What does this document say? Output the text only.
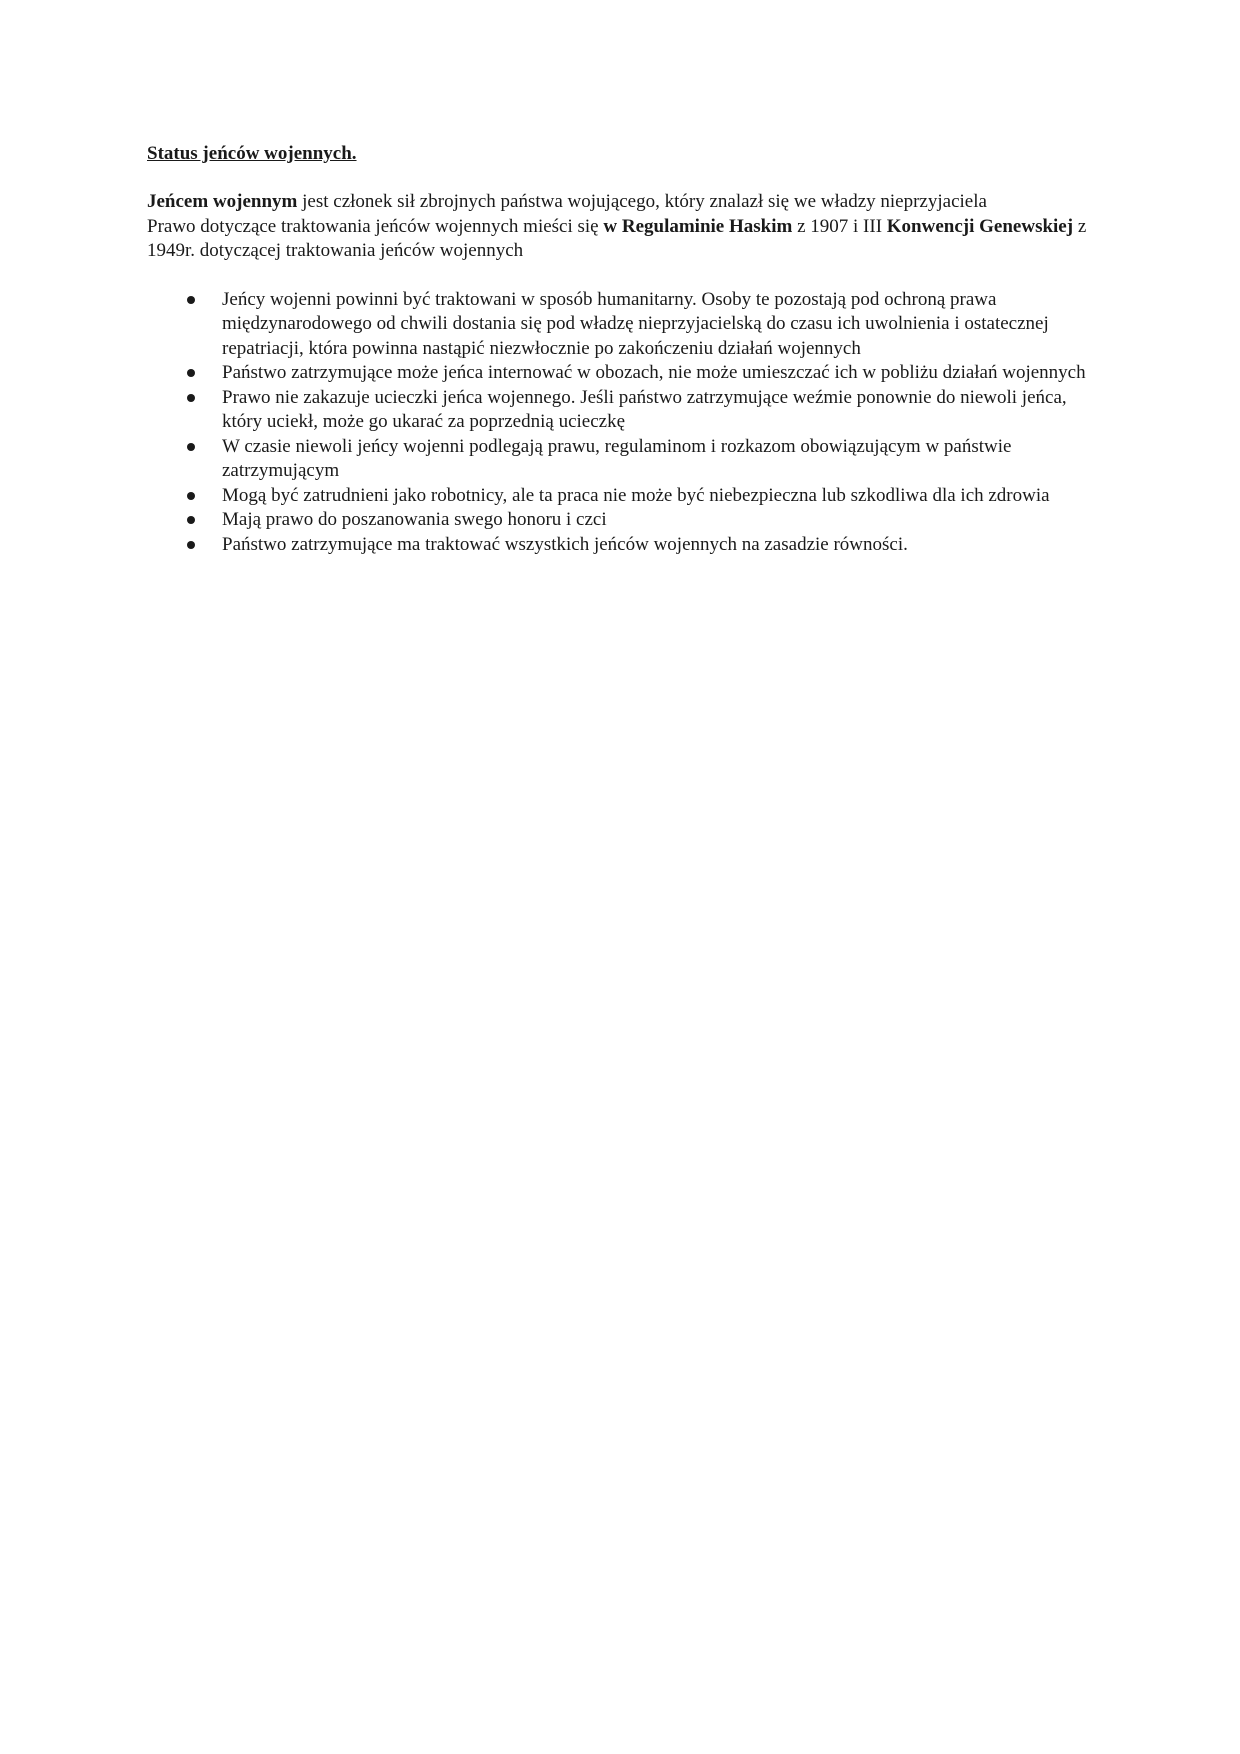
Status jeńców wojennych.

Jeńcem wojennym jest członek sił zbrojnych państwa wojującego, który znalazł się we władzy nieprzyjaciela

Prawo dotyczące traktowania jeńców wojennych mieści się w Regulaminie Haskim z 1907 i III Konwencji Genewskiej z 1949r. dotyczącej traktowania jeńców wojennych

Jeńcy wojenni powinni być traktowani w sposób humanitarny. Osoby te pozostają pod ochroną prawa międzynarodowego od chwili dostania się pod władzę nieprzyjacielską do czasu ich uwolnienia i ostatecznej repatriacji, która powinna nastąpić niezwłocznie po zakończeniu działań wojennych
Państwo zatrzymujące może jeńca internować w obozach, nie może umieszczać ich w pobliżu działań wojennych
Prawo nie zakazuje ucieczki jeńca wojennego. Jeśli państwo zatrzymujące weźmie ponownie do niewoli jeńca, który uciekł, może go ukarać za poprzednią ucieczkę
W czasie niewoli jeńcy wojenni podlegają prawu, regulaminom i rozkazom obowiązującym w państwie zatrzymującym
Mogą być zatrudnieni jako robotnicy, ale ta praca nie może być niebezpieczna lub szkodliwa dla ich zdrowia
Mają prawo do poszanowania swego honoru i czci
Państwo zatrzymujące ma traktować wszystkich jeńców wojennych na zasadzie równości.
